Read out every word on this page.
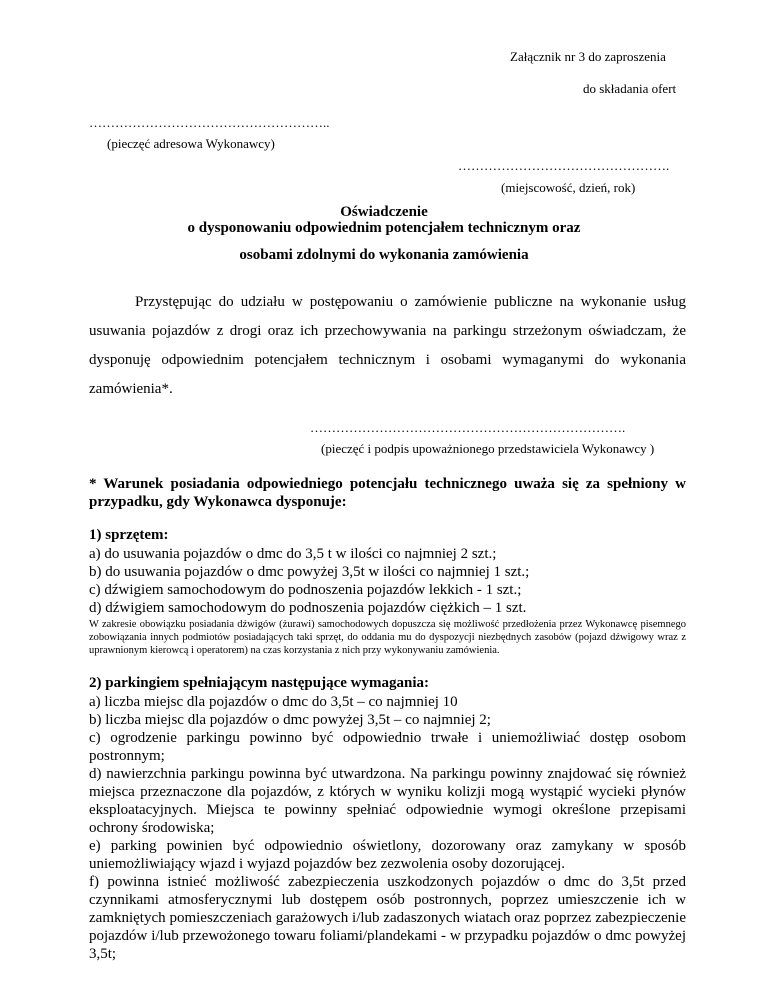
Załącznik nr 3 do zaproszenia
do składania ofert
………………………………………………..
(pieczęć adresowa Wykonawcy)
………………………………………….
(miejscowość, dzień, rok)
Oświadczenie
o dysponowaniu odpowiednim potencjałem technicznym oraz
osobami zdolnymi do wykonania zamówienia
Przystępując do udziału w postępowaniu o zamówienie publiczne na wykonanie usług usuwania pojazdów z drogi oraz ich przechowywania na parkingu strzeżonym oświadczam, że dysponuję odpowiednim potencjałem technicznym i osobami wymaganymi do wykonania zamówienia*.
……………………………………………………………….
(pieczęć i podpis upoważnionego przedstawiciela Wykonawcy )
* Warunek posiadania odpowiedniego potencjału technicznego uważa się za spełniony w przypadku, gdy Wykonawca dysponuje:
1) sprzętem:
a) do usuwania pojazdów o dmc do 3,5 t w ilości co najmniej 2 szt.;
b) do usuwania pojazdów o dmc powyżej 3,5t w ilości co najmniej 1 szt.;
c) dźwigiem samochodowym do podnoszenia pojazdów lekkich - 1 szt.;
d) dźwigiem samochodowym do podnoszenia pojazdów ciężkich – 1 szt.
W zakresie obowiązku posiadania dźwigów (żurawi) samochodowych dopuszcza się możliwość przedłożenia przez Wykonawcę pisemnego zobowiązania innych podmiotów posiadających taki sprzęt, do oddania mu do dyspozycji niezbędnych zasobów (pojazd dźwigowy wraz z uprawnionym kierowcą i operatorem) na czas korzystania z nich przy wykonywaniu zamówienia.
2) parkingiem spełniającym następujące wymagania:
a) liczba miejsc dla pojazdów o dmc do 3,5t – co najmniej 10
b) liczba miejsc dla pojazdów o dmc powyżej 3,5t – co najmniej 2;
c) ogrodzenie parkingu powinno być odpowiednio trwałe i uniemożliwiać dostęp osobom postronnym;
d) nawierzchnia parkingu powinna być utwardzona. Na parkingu powinny znajdować się również miejsca przeznaczone dla pojazdów, z których w wyniku kolizji mogą wystąpić wycieki płynów eksploatacyjnych. Miejsca te powinny spełniać odpowiednie wymogi określone przepisami ochrony środowiska;
e) parking powinien być odpowiednio oświetlony, dozorowany oraz zamykany w sposób uniemożliwiający wjazd i wyjazd pojazdów bez zezwolenia osoby dozorującej.
f) powinna istnieć możliwość zabezpieczenia uszkodzonych pojazdów o dmc do 3,5t przed czynnikami atmosferycznymi lub dostępem osób postronnych, poprzez umieszczenie ich w zamkniętych pomieszczeniach garażowych i/lub zadaszonych wiatach oraz poprzez zabezpieczenie pojazdów i/lub przewożonego towaru foliami/plandekami - w przypadku pojazdów o dmc powyżej 3,5t;
